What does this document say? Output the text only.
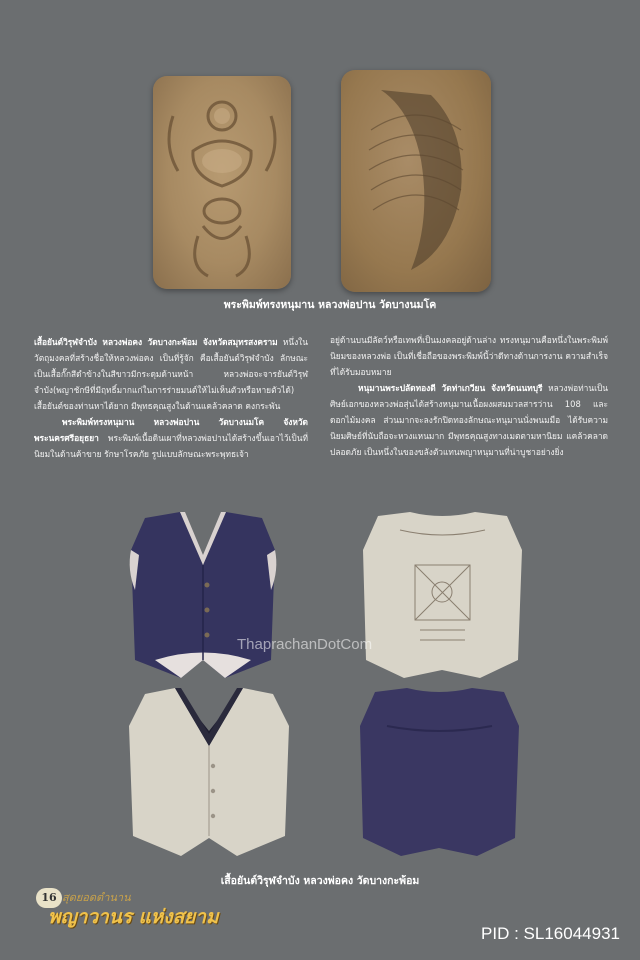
พระพิมพ์ทรงหนุมาน หลวงพ่อปาน วัดบางนมโค

เสื้อยันต์วิรุฬจำบัง หลวงพ่อคง วัดบางกะพ้อม จังหวัดสมุทรสงคราม หนึ่งในวัตถุมงคลที่สร้างชื่อให้หลวงพ่อคง เป็นที่รู้จัก คือเสื้อยันต์วิรุฬจำบัง ลักษณะเป็นเสื้อกั๊กสีดำข้างในสีขาวมีกระดุมด้านหน้า หลวงพ่อจะจารยันต์วิรุฬจำบัง(พญาชักษีที่มีฤทธิ์มากแก่ในการร่ายมนต์ให้ไม่เห็นตัวหรือหายตัวได้) เสื้อยันต์ของท่านหาได้ยาก มีพุทธคุณสูงในด้านแคล้วคลาด คงกระพัน

พระพิมพ์ทรงหนุมาน หลวงพ่อปาน วัดบางนมโค จังหวัดพระนครศรีอยุธยา พระพิมพ์เนื้อดินเผาที่หลวงพ่อปานได้สร้างขึ้นเอาไว้เป็นที่นิยมในด้านค้าขาย รักษาโรคภัย รูปแบบลักษณะพระพุทธเจ้า

อยู่ด้านบนมีลัตว์หรือเทพที่เป็นมงคลอยู่ด้านล่าง ทรงหนุมานคือหนึ่งในพระพิมพ์นิยมของหลวงพ่อ เป็นที่เชื่อถือของพระพิมพ์นี้ว่าดีทางด้านการงาน ความสำเร็จที่ได้รับมอบหมาย

หนุมานพระปลัดทองดี วัดท่าเกวียน จังหวัดนนทบุรี หลวงพ่อท่านเป็นศิษย์เอกของหลวงพ่อสุ่นได้สร้างหนุมานเนื้อผงผสมมวลสารว่าน 108 และดอกไม้มงคล ส่วนมากจะลงรักปิดทองลักษณะหนุมานนั่งพนมมือ ได้รับความนิยมศิษย์ที่นับถือจะหวงแหนมาก มีพุทธคุณสูงทางเมตตามหานิยม แคล้วคลาดปลอดภัย เป็นหนึ่งในของขลังตัวแทนพญาหนุมานที่น่าบูชาอย่างยิ่ง

ThaprachanDotCom
เสื้อยันต์วิรุฬจำบัง หลวงพ่อคง วัดบางกะพ้อม
16 สุดยอดตำนาน
พญาวานร แห่งสยาม
PID : SL16044931
